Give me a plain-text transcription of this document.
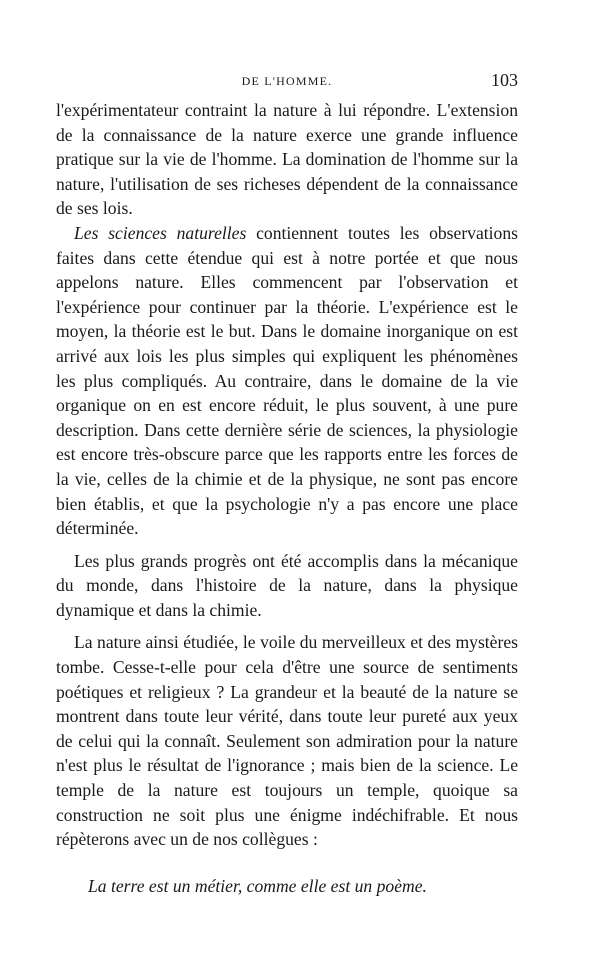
DE L'HOMME.	103

l'expérimentateur contraint la nature à lui répondre. L'extension de la connaissance de la nature exerce une grande influence pratique sur la vie de l'homme. La domination de l'homme sur la nature, l'utilisation de ses richeses dépendent de la connaissance de ses lois.

Les sciences naturelles contiennent toutes les observations faites dans cette étendue qui est à notre portée et que nous appelons nature. Elles commencent par l'observation et l'expérience pour continuer par la théorie. L'expérience est le moyen, la théorie est le but. Dans le domaine inorganique on est arrivé aux lois les plus simples qui expliquent les phénomènes les plus compliqués. Au contraire, dans le domaine de la vie organique on en est encore réduit, le plus souvent, à une pure description. Dans cette dernière série de sciences, la physiologie est encore très-obscure parce que les rapports entre les forces de la vie, celles de la chimie et de la physique, ne sont pas encore bien établis, et que la psychologie n'y a pas encore une place déterminée.

Les plus grands progrès ont été accomplis dans la mécanique du monde, dans l'histoire de la nature, dans la physique dynamique et dans la chimie.

La nature ainsi étudiée, le voile du merveilleux et des mystères tombe. Cesse-t-elle pour cela d'être une source de sentiments poétiques et religieux ? La grandeur et la beauté de la nature se montrent dans toute leur vérité, dans toute leur pureté aux yeux de celui qui la connaît. Seulement son admiration pour la nature n'est plus le résultat de l'ignorance ; mais bien de la science. Le temple de la nature est toujours un temple, quoique sa construction ne soit plus une énigme indéchifrable. Et nous répèterons avec un de nos collègues :

La terre est un métier, comme elle est un poème.
